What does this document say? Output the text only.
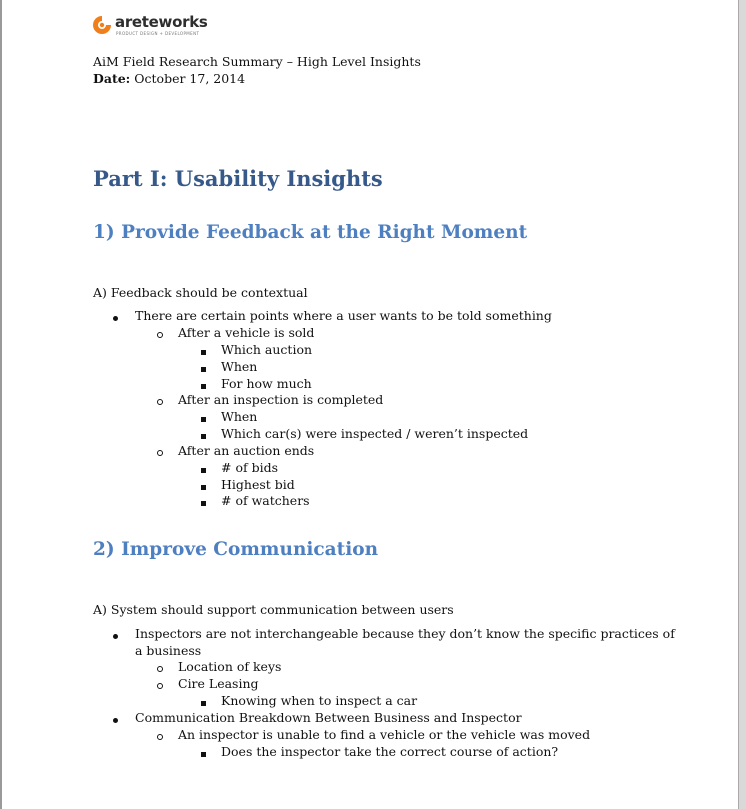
areteworks
PRODUCT DESIGN + DEVELOPMENT
AiM Field Research Summary – High Level Insights
Date: October 17, 2014
Part I: Usability Insights
1) Provide Feedback at the Right Moment
A) Feedback should be contextual
There are certain points where a user wants to be told something
After a vehicle is sold
Which auction
When
For how much
After an inspection is completed
When
Which car(s) were inspected / weren’t inspected
After an auction ends
# of bids
Highest bid
# of watchers
2) Improve Communication
A) System should support communication between users
Inspectors are not interchangeable because they don’t know the specific practices of
a business
Location of keys
Cire Leasing
Knowing when to inspect a car
Communication Breakdown Between Business and Inspector
An inspector is unable to find a vehicle or the vehicle was moved
Does the inspector take the correct course of action?
